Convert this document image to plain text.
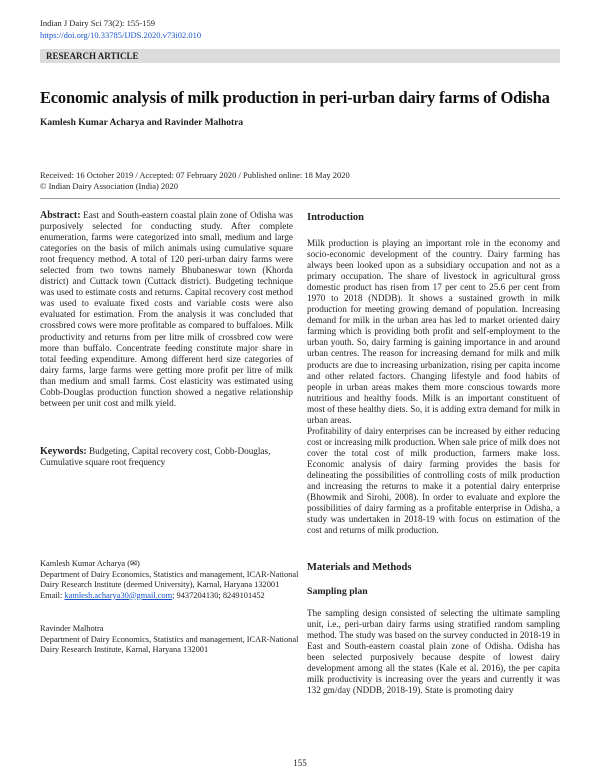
Indian J Dairy Sci 73(2): 155-159
https://doi.org/10.33785/IJDS.2020.v73i02.010
RESEARCH ARTICLE
Economic analysis of milk production in peri-urban dairy farms of Odisha
Kamlesh Kumar Acharya and Ravinder Malhotra
Received: 16 October 2019 / Accepted: 07 February 2020 / Published online: 18 May 2020
© Indian Dairy Association (India) 2020
Abstract: East and South-eastern coastal plain zone of Odisha was purposively selected for conducting study. After complete enumeration, farms were categorized into small, medium and large categories on the basis of milch animals using cumulative square root frequency method. A total of 120 peri-urban dairy farms were selected from two towns namely Bhubaneswar town (Khorda district) and Cuttack town (Cuttack district). Budgeting technique was used to estimate costs and returns. Capital recovery cost method was used to evaluate fixed costs and variable costs were also evaluated for estimation. From the analysis it was concluded that crossbred cows were more profitable as compared to buffaloes. Milk productivity and returns from per litre milk of crossbred cow were more than buffalo. Concentrate feeding constitute major share in total feeding expenditure. Among different herd size categories of dairy farms, large farms were getting more profit per litre of milk than medium and small farms. Cost elasticity was estimated using Cobb-Douglas production function showed a negative relationship between per unit cost and milk yield.
Keywords: Budgeting, Capital recovery cost, Cobb-Douglas, Cumulative square root frequency
Kamlesh Kumar Acharya (✉)
Department of Dairy Economics, Statistics and management, ICAR-National Dairy Research Institute (deemed University), Karnal, Haryana 132001
Email: kamlesh.acharya30@gmail.com; 9437204130; 8249101452
Ravinder Malhotra
Department of Dairy Economics, Statistics and management, ICAR-National Dairy Research Institute, Karnal, Haryana 132001
Introduction

Milk production is playing an important role in the economy and socio-economic development of the country. Dairy farming has always been looked upon as a subsidiary occupation and not as a primary occupation. The share of livestock in agricultural gross domestic product has risen from 17 per cent to 25.6 per cent from 1970 to 2018 (NDDB). It shows a sustained growth in milk production for meeting growing demand of population. Increasing demand for milk in the urban area has led to market oriented dairy farming which is providing both profit and self-employment to the urban youth. So, dairy farming is gaining importance in and around urban centres. The reason for increasing demand for milk and milk products are due to increasing urbanization, rising per capita income and other related factors. Changing lifestyle and food habits of people in urban areas makes them more conscious towards more nutritious and healthy foods. Milk is an important constituent of most of these healthy diets. So, it is adding extra demand for milk in urban areas.

Profitability of dairy enterprises can be increased by either reducing cost or increasing milk production. When sale price of milk does not cover the total cost of milk production, farmers make loss. Economic analysis of dairy farming provides the basis for delineating the possibilities of controlling costs of milk production and increasing the returns to make it a potential dairy enterprise (Bhowmik and Sirohi, 2008). In order to evaluate and explore the possibilities of dairy farming as a profitable enterprise in Odisha, a study was undertaken in 2018-19 with focus on estimation of the cost and returns of milk production.

Materials and Methods
Sampling plan

The sampling design consisted of selecting the ultimate sampling unit, i.e., peri-urban dairy farms using stratified random sampling method. The study was based on the survey conducted in 2018-19 in East and South-eastern coastal plain zone of Odisha. Odisha has been selected purposively because despite of lowest dairy development among all the states (Kale et al. 2016), the per capita milk productivity is increasing over the years and currently it was 132 gm/day (NDDB, 2018-19). State is promoting dairy

155
